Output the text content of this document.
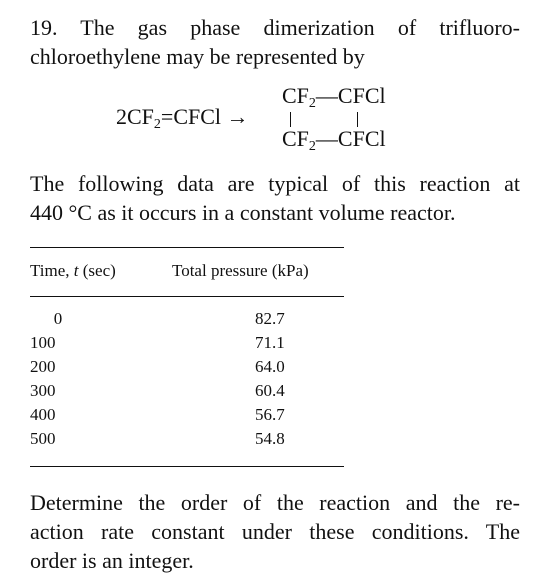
19. The gas phase dimerization of trifluoro-
chloroethylene may be represented by

$2CF_2=CFCl$ →
$CF_2—CFCl$
$CF_2—CFCl$

The following data are typical of this reaction at
440 °C as it occurs in a constant volume reactor.

Time, t (sec)	Total pressure (kPa)
0	82.7
100	71.1
200	64.0
300	60.4
400	56.7
500	54.8

Determine the order of the reaction and the re-
action rate constant under these conditions. The
order is an integer.
